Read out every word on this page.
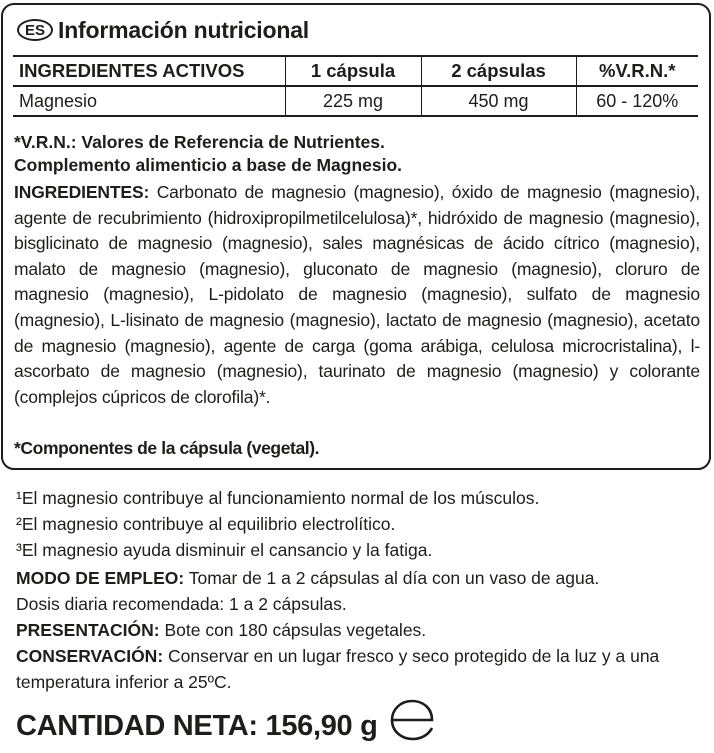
ES Información nutricional
INGREDIENTES ACTIVOS	1 cápsula	2 cápsulas	%V.R.N.*
Magnesio	225 mg	450 mg	60 - 120%
*V.R.N.: Valores de Referencia de Nutrientes.
Complemento alimenticio a base de Magnesio.
INGREDIENTES: Carbonato de magnesio (magnesio), óxido de magnesio (magnesio), agente de recubrimiento (hidroxipropilmetilcelulosa)*, hidróxido de magnesio (magnesio), bisglicinato de magnesio (magnesio), sales magnésicas de ácido cítrico (magnesio), malato de magnesio (magnesio), gluconato de magnesio (magnesio), cloruro de magnesio (magnesio), L-pidolato de magnesio (magnesio), sulfato de magnesio (magnesio), L-lisinato de magnesio (magnesio), lactato de magnesio (magnesio), acetato de magnesio (magnesio), agente de carga (goma arábiga, celulosa microcristalina), l-ascorbato de magnesio (magnesio), taurinato de magnesio (magnesio) y colorante (complejos cúpricos de clorofila)*.
*Componentes de la cápsula (vegetal).
¹El magnesio contribuye al funcionamiento normal de los músculos.
²El magnesio contribuye al equilibrio electrolítico.
³El magnesio ayuda disminuir el cansancio y la fatiga.
MODO DE EMPLEO: Tomar de 1 a 2 cápsulas al día con un vaso de agua.
Dosis diaria recomendada: 1 a 2 cápsulas.
PRESENTACIÓN: Bote con 180 cápsulas vegetales.
CONSERVACIÓN: Conservar en un lugar fresco y seco protegido de la luz y a una temperatura inferior a 25ºC.
CANTIDAD NETA: 156,90 g
